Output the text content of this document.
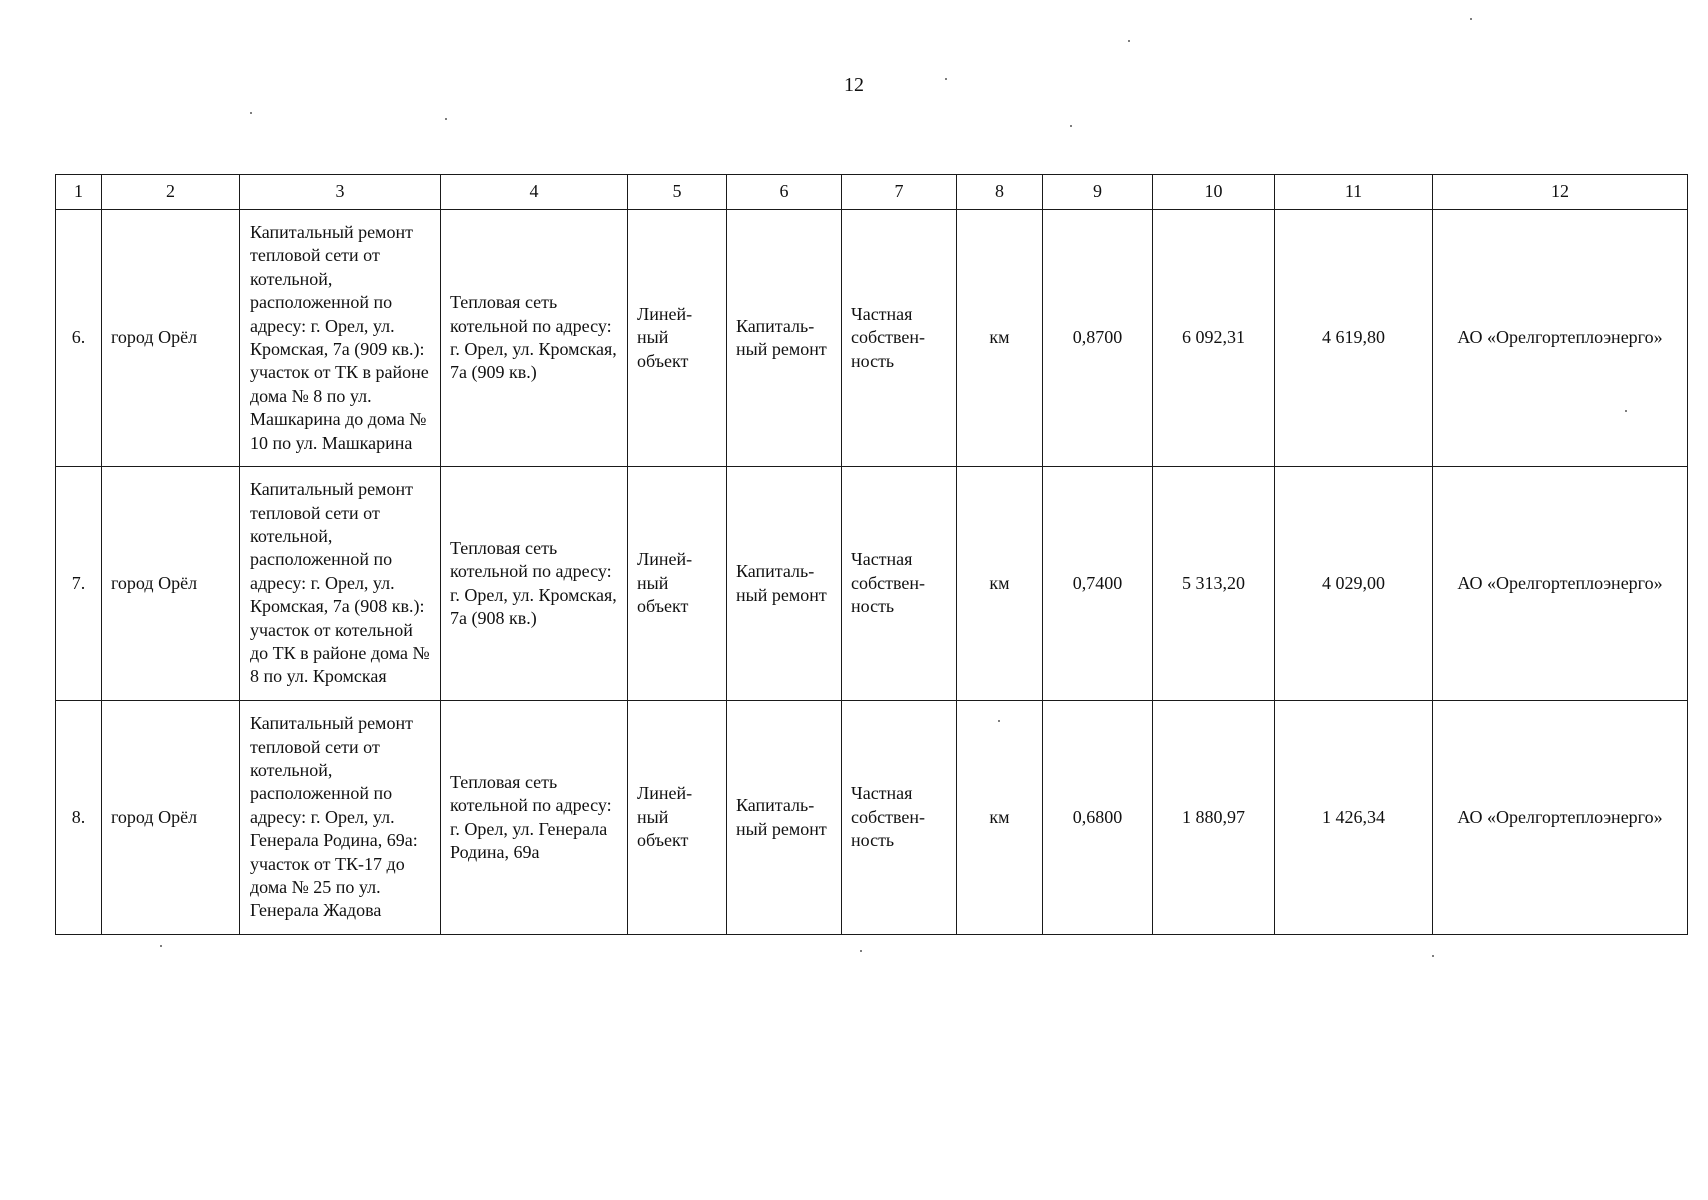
12
1	2	3	4	5	6	7	8	9	10	11	12
6.	город Орёл	Капитальный ремонт тепловой сети от котельной, расположенной по адресу: г. Орел, ул. Кромская, 7а (909 кв.): участок от ТК в районе дома № 8 по ул. Машкарина до дома № 10 по ул. Машкарина	Тепловая сеть котельной по адресу: г. Орел, ул. Кромская, 7а (909 кв.)	Линей-ный объект	Капиталь-ный ремонт	Частная собствен-ность	км	0,8700	6 092,31	4 619,80	АО «Орелгортеплоэнерго»
7.	город Орёл	Капитальный ремонт тепловой сети от котельной, расположенной по адресу: г. Орел, ул. Кромская, 7а (908 кв.): участок от котельной до ТК в районе дома № 8 по ул. Кромская	Тепловая сеть котельной по адресу: г. Орел, ул. Кромская, 7а (908 кв.)	Линей-ный объект	Капиталь-ный ремонт	Частная собствен-ность	км	0,7400	5 313,20	4 029,00	АО «Орелгортеплоэнерго»
8.	город Орёл	Капитальный ремонт тепловой сети от котельной, расположенной по адресу: г. Орел, ул. Генерала Родина, 69а: участок от ТК-17 до дома № 25 по ул. Генерала Жадова	Тепловая сеть котельной по адресу: г. Орел, ул. Генерала Родина, 69а	Линей-ный объект	Капиталь-ный ремонт	Частная собствен-ность	км	0,6800	1 880,97	1 426,34	АО «Орелгортеплоэнерго»
